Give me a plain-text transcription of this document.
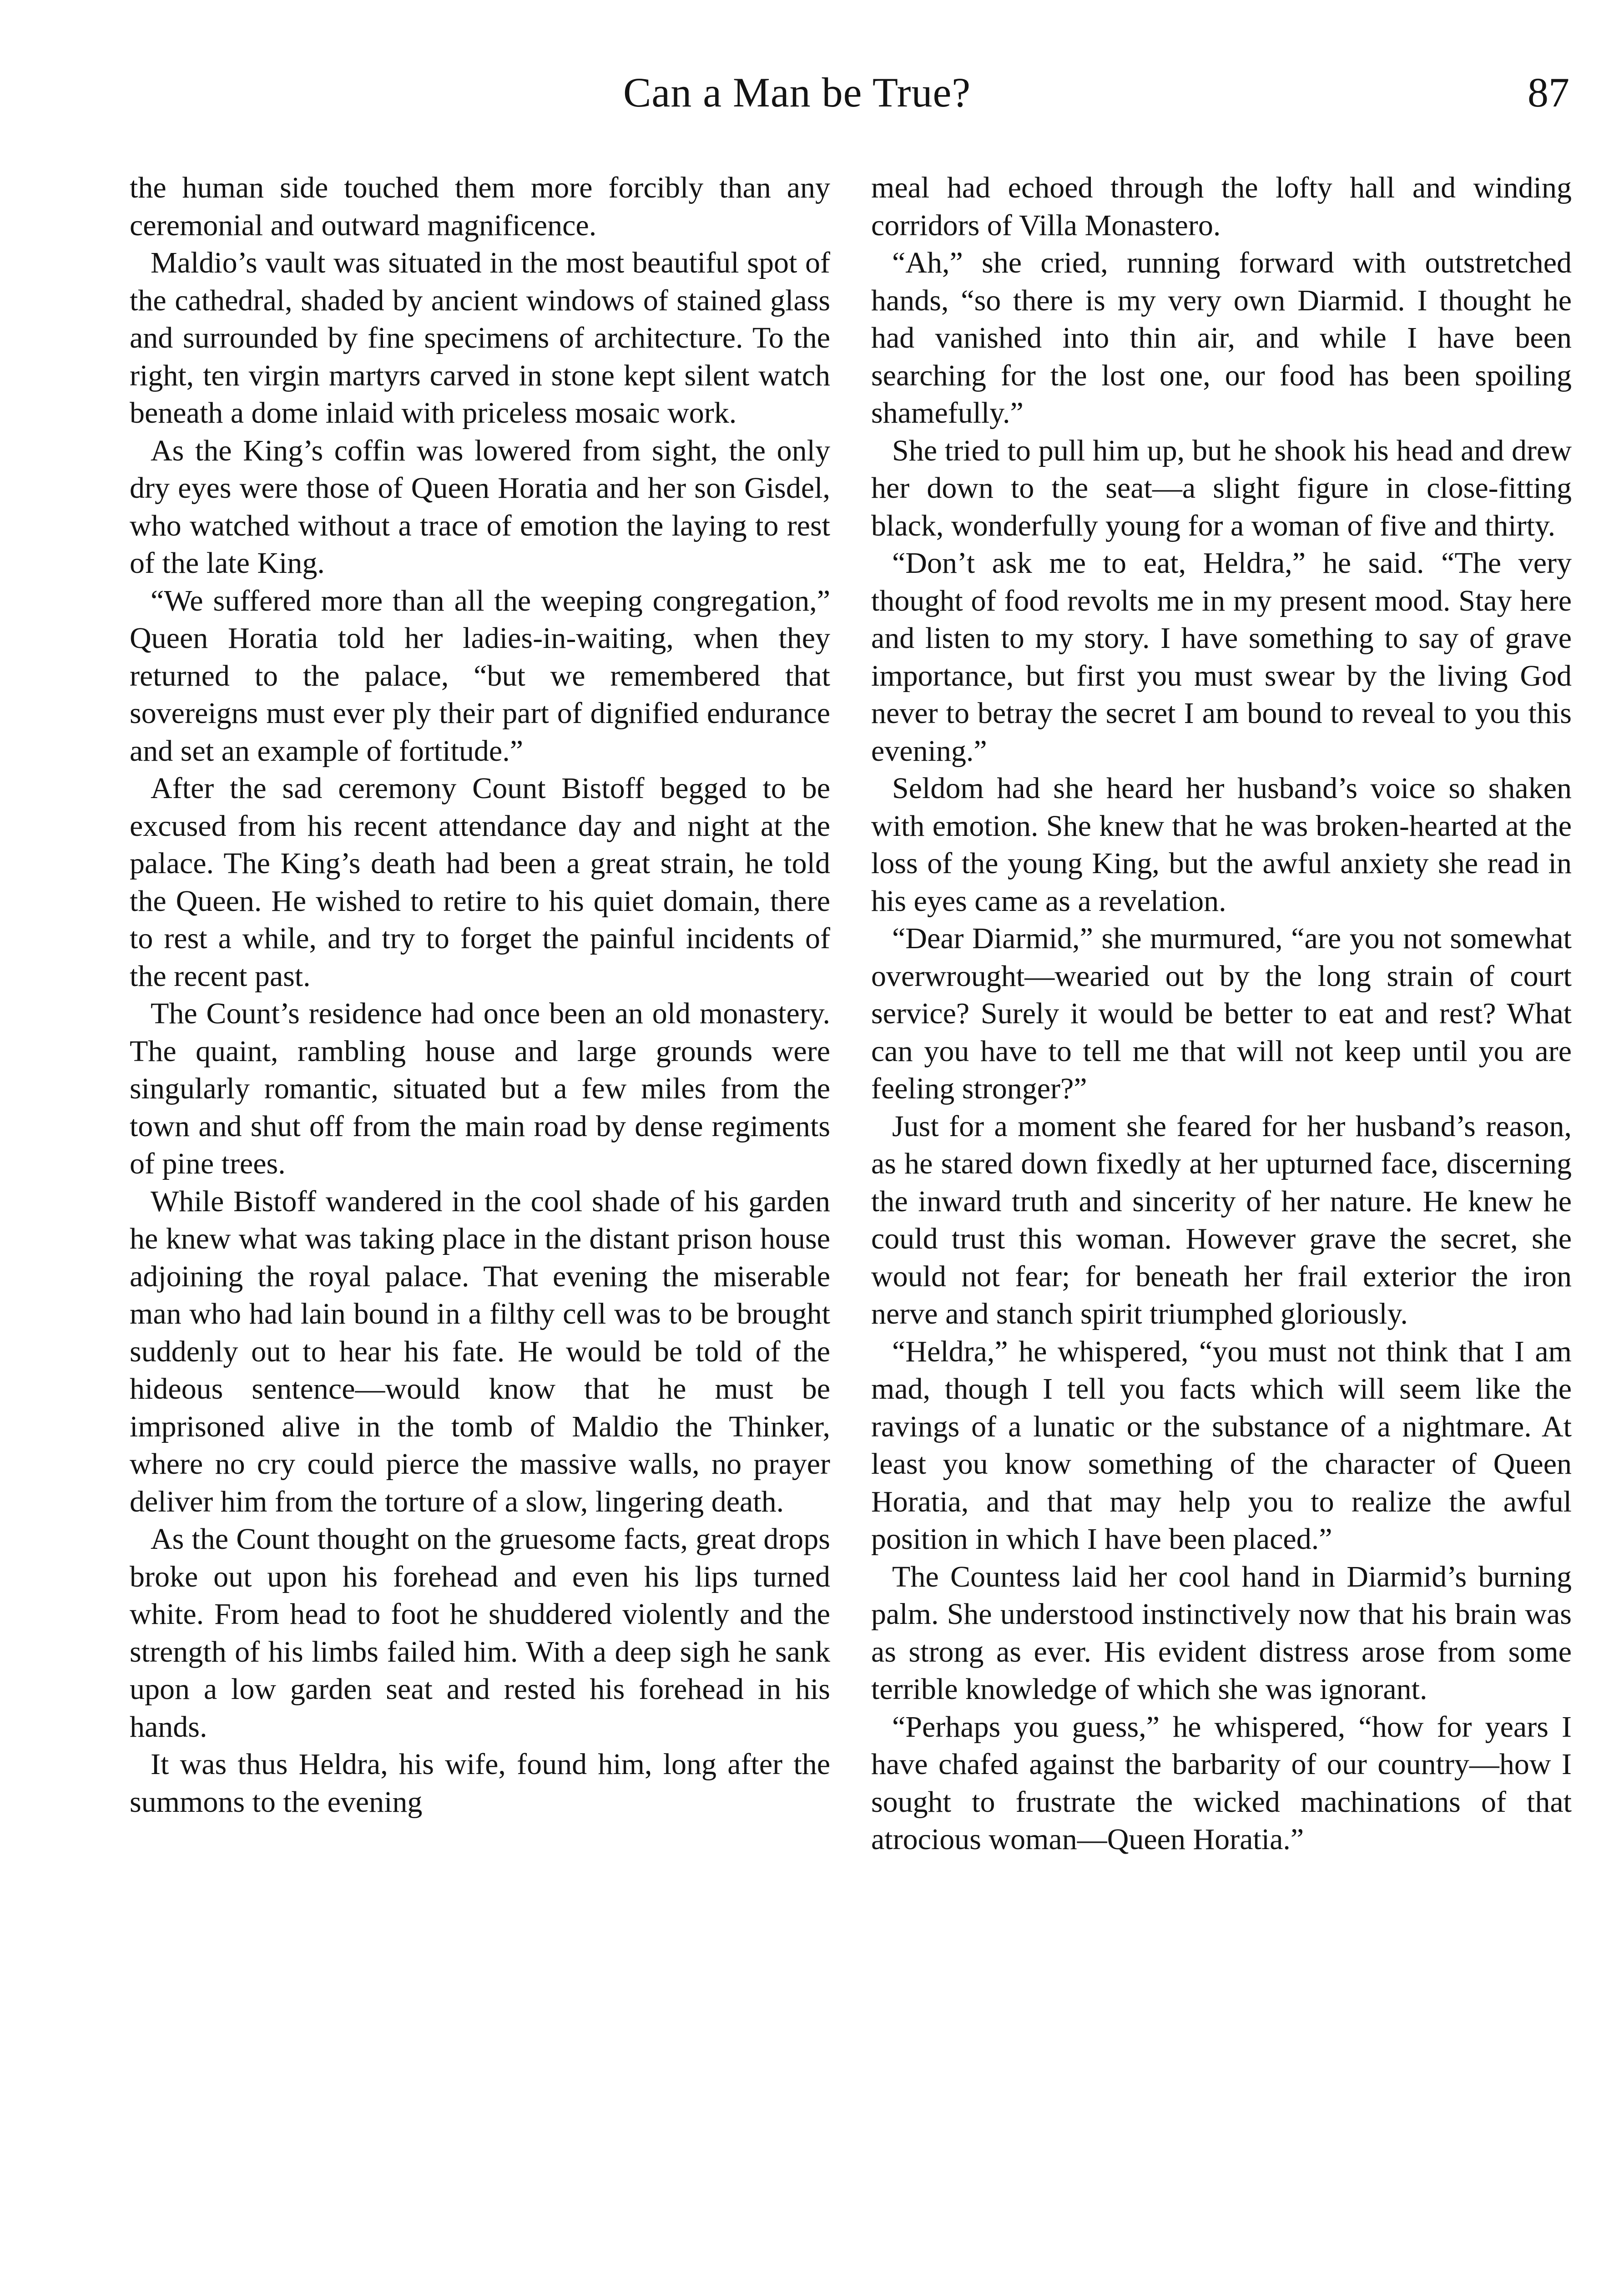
Can a Man be True?	87

the human side touched them more forcibly than any ceremonial and outward magnificence.

Maldio’s vault was situated in the most beautiful spot of the cathedral, shaded by ancient windows of stained glass and surrounded by fine specimens of architecture. To the right, ten virgin martyrs carved in stone kept silent watch beneath a dome inlaid with priceless mosaic work.

As the King’s coffin was lowered from sight, the only dry eyes were those of Queen Horatia and her son Gisdel, who watched without a trace of emotion the laying to rest of the late King.

“We suffered more than all the weeping congregation,” Queen Horatia told her ladies-in-waiting, when they returned to the palace, “but we remembered that sovereigns must ever ply their part of dignified endurance and set an example of fortitude.”

After the sad ceremony Count Bistoff begged to be excused from his recent attendance day and night at the palace. The King’s death had been a great strain, he told the Queen. He wished to retire to his quiet domain, there to rest a while, and try to forget the painful incidents of the recent past.

The Count’s residence had once been an old monastery. The quaint, rambling house and large grounds were singularly romantic, situated but a few miles from the town and shut off from the main road by dense regiments of pine trees.

While Bistoff wandered in the cool shade of his garden he knew what was taking place in the distant prison house adjoining the royal palace. That evening the miserable man who had lain bound in a filthy cell was to be brought suddenly out to hear his fate. He would be told of the hideous sentence—would know that he must be imprisoned alive in the tomb of Maldio the Thinker, where no cry could pierce the massive walls, no prayer deliver him from the torture of a slow, lingering death.

As the Count thought on the gruesome facts, great drops broke out upon his forehead and even his lips turned white. From head to foot he shuddered violently and the strength of his limbs failed him. With a deep sigh he sank upon a low garden seat and rested his forehead in his hands.

It was thus Heldra, his wife, found him, long after the summons to the evening

meal had echoed through the lofty hall and winding corridors of Villa Monastero.

“Ah,” she cried, running forward with outstretched hands, “so there is my very own Diarmid. I thought he had vanished into thin air, and while I have been searching for the lost one, our food has been spoiling shamefully.”

She tried to pull him up, but he shook his head and drew her down to the seat—a slight figure in close-fitting black, wonderfully young for a woman of five and thirty.

“Don’t ask me to eat, Heldra,” he said. “The very thought of food revolts me in my present mood. Stay here and listen to my story. I have something to say of grave importance, but first you must swear by the living God never to betray the secret I am bound to reveal to you this evening.”

Seldom had she heard her husband’s voice so shaken with emotion. She knew that he was broken-hearted at the loss of the young King, but the awful anxiety she read in his eyes came as a revelation.

“Dear Diarmid,” she murmured, “are you not somewhat overwrought—wearied out by the long strain of court service? Surely it would be better to eat and rest? What can you have to tell me that will not keep until you are feeling stronger?”

Just for a moment she feared for her husband’s reason, as he stared down fixedly at her upturned face, discerning the inward truth and sincerity of her nature. He knew he could trust this woman. However grave the secret, she would not fear; for beneath her frail exterior the iron nerve and stanch spirit triumphed gloriously.

“Heldra,” he whispered, “you must not think that I am mad, though I tell you facts which will seem like the ravings of a lunatic or the substance of a nightmare. At least you know something of the character of Queen Horatia, and that may help you to realize the awful position in which I have been placed.”

The Countess laid her cool hand in Diarmid’s burning palm. She understood instinctively now that his brain was as strong as ever. His evident distress arose from some terrible knowledge of which she was ignorant.

“Perhaps you guess,” he whispered, “how for years I have chafed against the barbarity of our country—how I sought to frustrate the wicked machinations of that atrocious woman—Queen Horatia.”
